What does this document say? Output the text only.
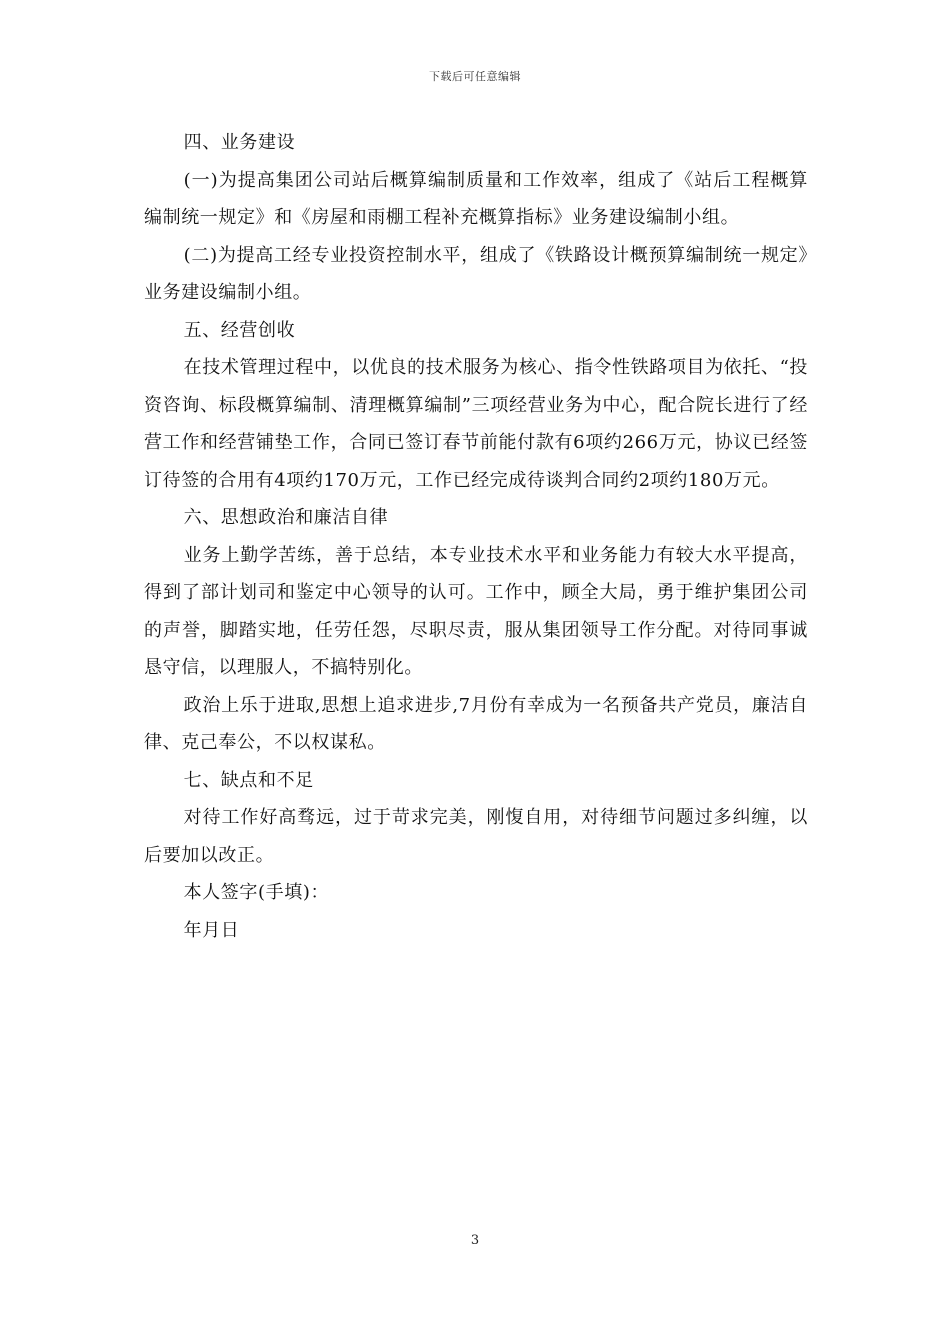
下载后可任意编辑

四、业务建设

(一)为提高集团公司站后概算编制质量和工作效率，组成了《站后工程概算编制统一规定》和《房屋和雨棚工程补充概算指标》业务建设编制小组。

(二)为提高工经专业投资控制水平，组成了《铁路设计概预算编制统一规定》业务建设编制小组。

五、经营创收

在技术管理过程中，以优良的技术服务为核心、指令性铁路项目为依托、“投资咨询、标段概算编制、清理概算编制”三项经营业务为中心，配合院长进行了经营工作和经营铺垫工作，合同已签订春节前能付款有6项约266万元，协议已经签订待签的合用有4项约170万元，工作已经完成待谈判合同约2项约180万元。

六、思想政治和廉洁自律

业务上勤学苦练，善于总结，本专业技术水平和业务能力有较大水平提高，得到了部计划司和鉴定中心领导的认可。工作中，顾全大局，勇于维护集团公司的声誉，脚踏实地，任劳任怨，尽职尽责，服从集团领导工作分配。对待同事诚恳守信，以理服人，不搞特别化。

政治上乐于进取,思想上追求进步,7月份有幸成为一名预备共产党员，廉洁自律、克己奉公，不以权谋私。

七、缺点和不足

对待工作好高骛远，过于苛求完美，刚愎自用，对待细节问题过多纠缠，以后要加以改正。

本人签字(手填)：

年月日

3
